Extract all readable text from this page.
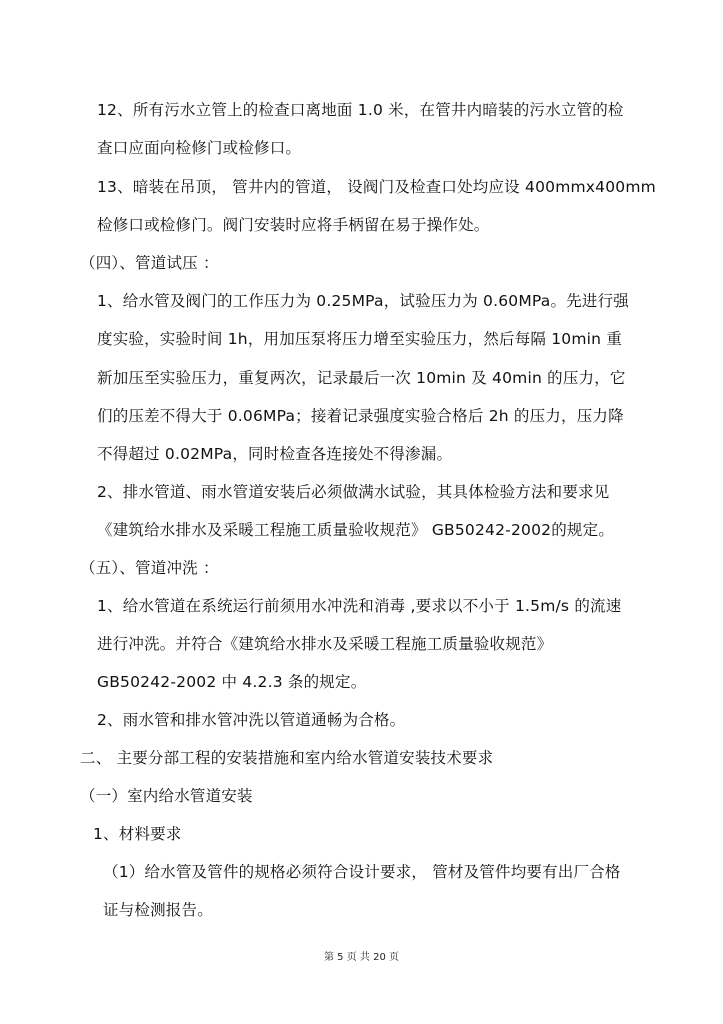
12、所有污水立管上的检查口离地面 1.0 米，在管井内暗装的污水立管的检
查口应面向检修门或检修口。
13、暗装在吊顶， 管井内的管道， 设阀门及检查口处均应设 400mmx400mm
检修口或检修门。阀门安装时应将手柄留在易于操作处。
（四）、管道试压 ：
1、给水管及阀门的工作压力为 0.25MPa，试验压力为 0.60MPa。先进行强
度实验，实验时间 1h，用加压泵将压力增至实验压力，然后每隔 10min 重
新加压至实验压力，重复两次，记录最后一次 10min 及 40min 的压力，它
们的压差不得大于 0.06MPa；接着记录强度实验合格后 2h 的压力，压力降
不得超过 0.02MPa，同时检查各连接处不得渗漏。
2、排水管道、雨水管道安装后必须做满水试验，其具体检验方法和要求见
《建筑给水排水及采暖工程施工质量验收规范》 GB50242-2002的规定。
（五）、管道冲洗 ：
1、给水管道在系统运行前须用水冲洗和消毒 ,要求以不小于 1.5m/s 的流速
进行冲洗。并符合《建筑给水排水及采暖工程施工质量验收规范》
GB50242-2002 中 4.2.3 条的规定。
2、雨水管和排水管冲洗以管道通畅为合格。
二、 主要分部工程的安装措施和室内给水管道安装技术要求
（一）室内给水管道安装
1、材料要求
（1）给水管及管件的规格必须符合设计要求， 管材及管件均要有出厂合格
证与检测报告。
第 5 页 共 20 页
